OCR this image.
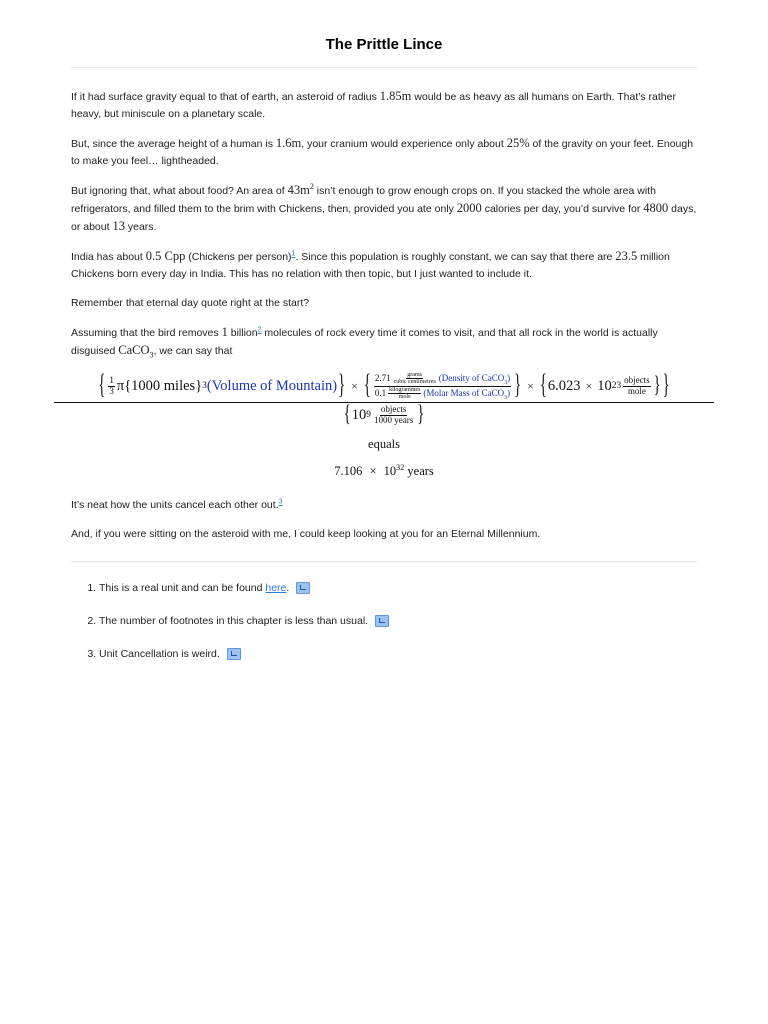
The Prittle Lince

If it had surface gravity equal to that of earth, an asteroid of radius 1.85m would be as heavy as all humans on Earth. That’s rather heavy, but miniscule on a planetary scale.

But, since the average height of a human is 1.6m, your cranium would experience only about 25% of the gravity on your feet. Enough to make you feel… lightheaded.

But ignoring that, what about food? An area of $43m^2$ isn’t enough to grow enough crops on. If you stacked the whole area with refrigerators, and filled them to the brim with Chickens, then, provided you ate only 2000 calories per day, you’d survive for 4800 days, or about 13 years.

India has about 0.5 Cpp (Chickens per person)$^1$. Since this population is roughly constant, we can say that there are 23.5 million Chickens born every day in India. This has no relation with then topic, but I just wanted to include it.

Remember that eternal day quote right at the start?

Assuming that the bird removes 1 billion$^2$ molecules of rock every time it comes to visit, and that all rock in the world is actually disguised CaCO$_3$, we can say that

{ $\frac{1}{3}$ π { 1000 miles } 3 (Volume of Mountain) } × { $2.71 \frac{\text{grams}}{\text{cubic centimetres}}$ (Density of CaCO$_3$)
$0.1 \frac{\text{kilogrammes}}{\text{mole}}$ (Molar Mass of CaCO$_3$) } × { 6.023 × 10 $23 \frac{\text{objects}}{\text{mole}}$ } }
{ 10 $9 \frac{\text{objects}}{\text{1000 years}}$ }
equals
$7.106 \times 10^{32}$ years

It’s neat how the units cancel each other out.$^3$

And, if you were sitting on the asteroid with me, I could keep looking at you for an Eternal Millennium.

1. This is a real unit and can be found here.
2. The number of footnotes in this chapter is less than usual.
3. Unit Cancellation is weird.
